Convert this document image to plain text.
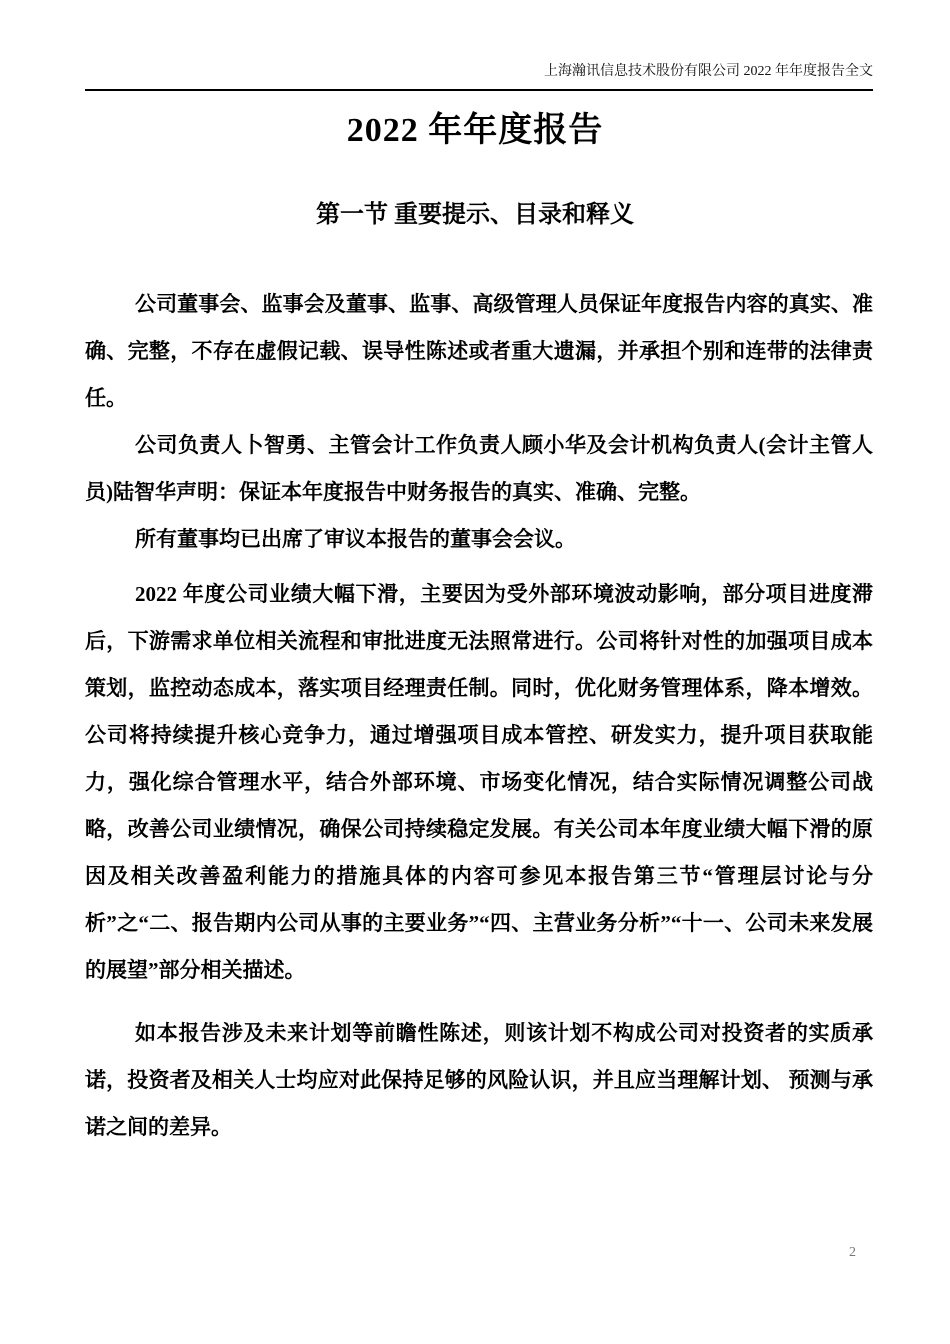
上海瀚讯信息技术股份有限公司 2022 年年度报告全文
2022 年年度报告
第一节 重要提示、目录和释义

公司董事会、监事会及董事、监事、高级管理人员保证年度报告内容的真实、准确、完整，不存在虚假记载、误导性陈述或者重大遗漏，并承担个别和连带的法律责任。

公司负责人卜智勇、主管会计工作负责人顾小华及会计机构负责人(会计主管人员)陆智华声明：保证本年度报告中财务报告的真实、准确、完整。

所有董事均已出席了审议本报告的董事会会议。

2022 年度公司业绩大幅下滑，主要因为受外部环境波动影响，部分项目进度滞后，下游需求单位相关流程和审批进度无法照常进行。公司将针对性的加强项目成本策划，监控动态成本，落实项目经理责任制。同时，优化财务管理体系，降本增效。公司将持续提升核心竞争力，通过增强项目成本管控、研发实力，提升项目获取能力，强化综合管理水平，结合外部环境、市场变化情况，结合实际情况调整公司战略，改善公司业绩情况，确保公司持续稳定发展。有关公司本年度业绩大幅下滑的原因及相关改善盈利能力的措施具体的内容可参见本报告第三节“管理层讨论与分析”之“二、报告期内公司从事的主要业务”“四、主营业务分析”“十一、公司未来发展的展望”部分相关描述。

如本报告涉及未来计划等前瞻性陈述，则该计划不构成公司对投资者的实质承诺，投资者及相关人士均应对此保持足够的风险认识，并且应当理解计划、 预测与承诺之间的差异。

2
